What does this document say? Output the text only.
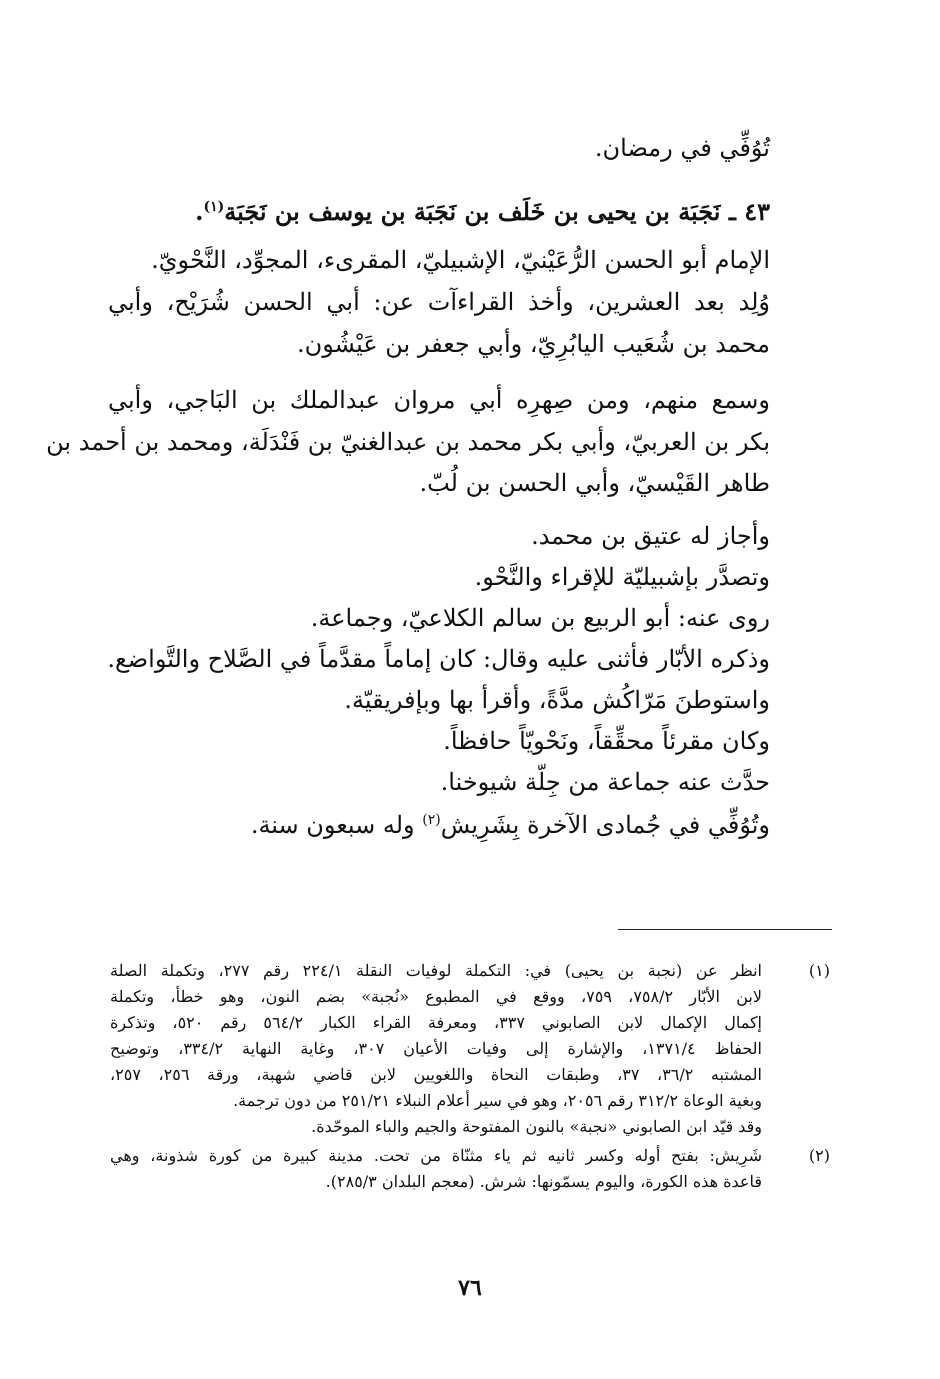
تُوُفِّي في رمضان.
٤٣ ـ نَجَبَة بن يحيى بن خَلَف بن نَجَبَة بن يوسف بن نَجَبَة$^{(١)}$.
الإمام أبو الحسن الرُّعَيْنيّ، الإشبيليّ، المقرىء، المجوِّد، النَّحْويّ.
وُلِد بعد العشرين، وأخذ القراءآت عن: أبي الحسن شُرَيْح، وأبي
محمد بن شُعَيب اليابُرِيّ، وأبي جعفر بن عَيْشُون.
وسمع منهم، ومن صِهرِه أبي مروان عبدالملك بن البَاجي، وأبي
بكر بن العربيّ، وأبي بكر محمد بن عبدالغنيّ بن فَنْدَلَة، ومحمد بن أحمد بن
طاهر القَيْسيّ، وأبي الحسن بن لُبّ.
وأجاز له عتيق بن محمد.
وتصدَّر بإشبيليّة للإقراء والنَّحْو.
روى عنه: أبو الربيع بن سالم الكلاعيّ، وجماعة.
وذكره الأبّار فأثنى عليه وقال: كان إماماً مقدَّماً في الصَّلاح والتَّواضع.
واستوطنَ مَرّاكُش مدَّةً، وأقرأ بها وبإفريقيّة.
وكان مقرئاً محقِّقاً، ونَحْويّاً حافظاً.
حدَّث عنه جماعة من جِلّة شيوخنا.
وتُوُفِّي في جُمادى الآخرة بِشَرِيش$^{(٢)}$ وله سبعون سنة.
(١)
انظر عن (نجبة بن يحيى) في: التكملة لوفيات النقلة ٢٢٤/١ رقم ٢٧٧، وتكملة الصلة
لابن الأبّار ٧٥٨/٢، ٧٥٩، ووقع في المطبوع «نُجبة» بضم النون، وهو خطأ، وتكملة
إكمال الإكمال لابن الصابوني ٣٣٧، ومعرفة القراء الكبار ٥٦٤/٢ رقم ٥٢٠، وتذكرة
الحفاظ ١٣٧١/٤، والإشارة إلى وفيات الأعيان ٣٠٧، وغاية النهاية ٣٣٤/٢، وتوضيح
المشتبه ٣٦/٢، ٣٧، وطبقات النحاة واللغويين لابن قاضي شهبة، ورقة ٢٥٦، ٢٥٧،
وبغية الوعاة ٣١٢/٢ رقم ٢٠٥٦، وهو في سير أعلام النبلاء ٢٥١/٢١ من دون ترجمة.
وقد قيّد ابن الصابوني «نجبة» بالنون المفتوحة والجيم والباء الموحّدة.
(٢)
شَرِيش: بفتح أوله وكسر ثانيه ثم ياء مثنّاة من تحت. مدينة كبيرة من كورة شذونة، وهي
قاعدة هذه الكورة، واليوم يسمّونها: شرش. (معجم البلدان ٢٨٥/٣).
٧٦
